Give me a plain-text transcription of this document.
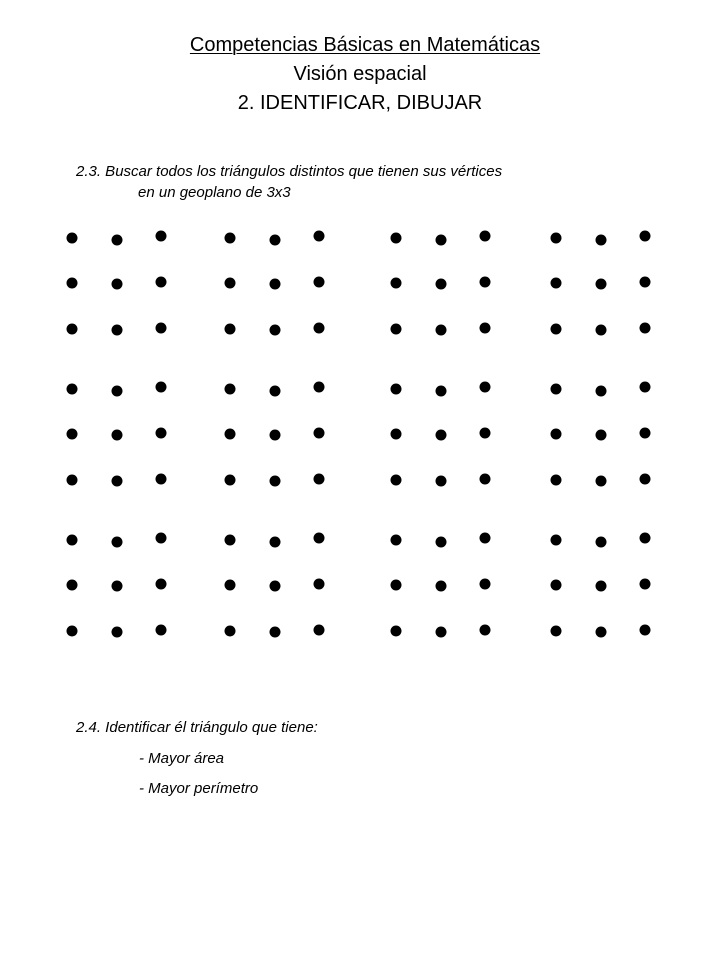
Competencias Básicas en Matemáticas
Visión espacial
2. IDENTIFICAR, DIBUJAR
2.3. Buscar todos los triángulos distintos que tienen sus vértices
en un geoplano de 3x3
2.4. Identificar él triángulo que tiene:
- Mayor área
- Mayor perímetro
